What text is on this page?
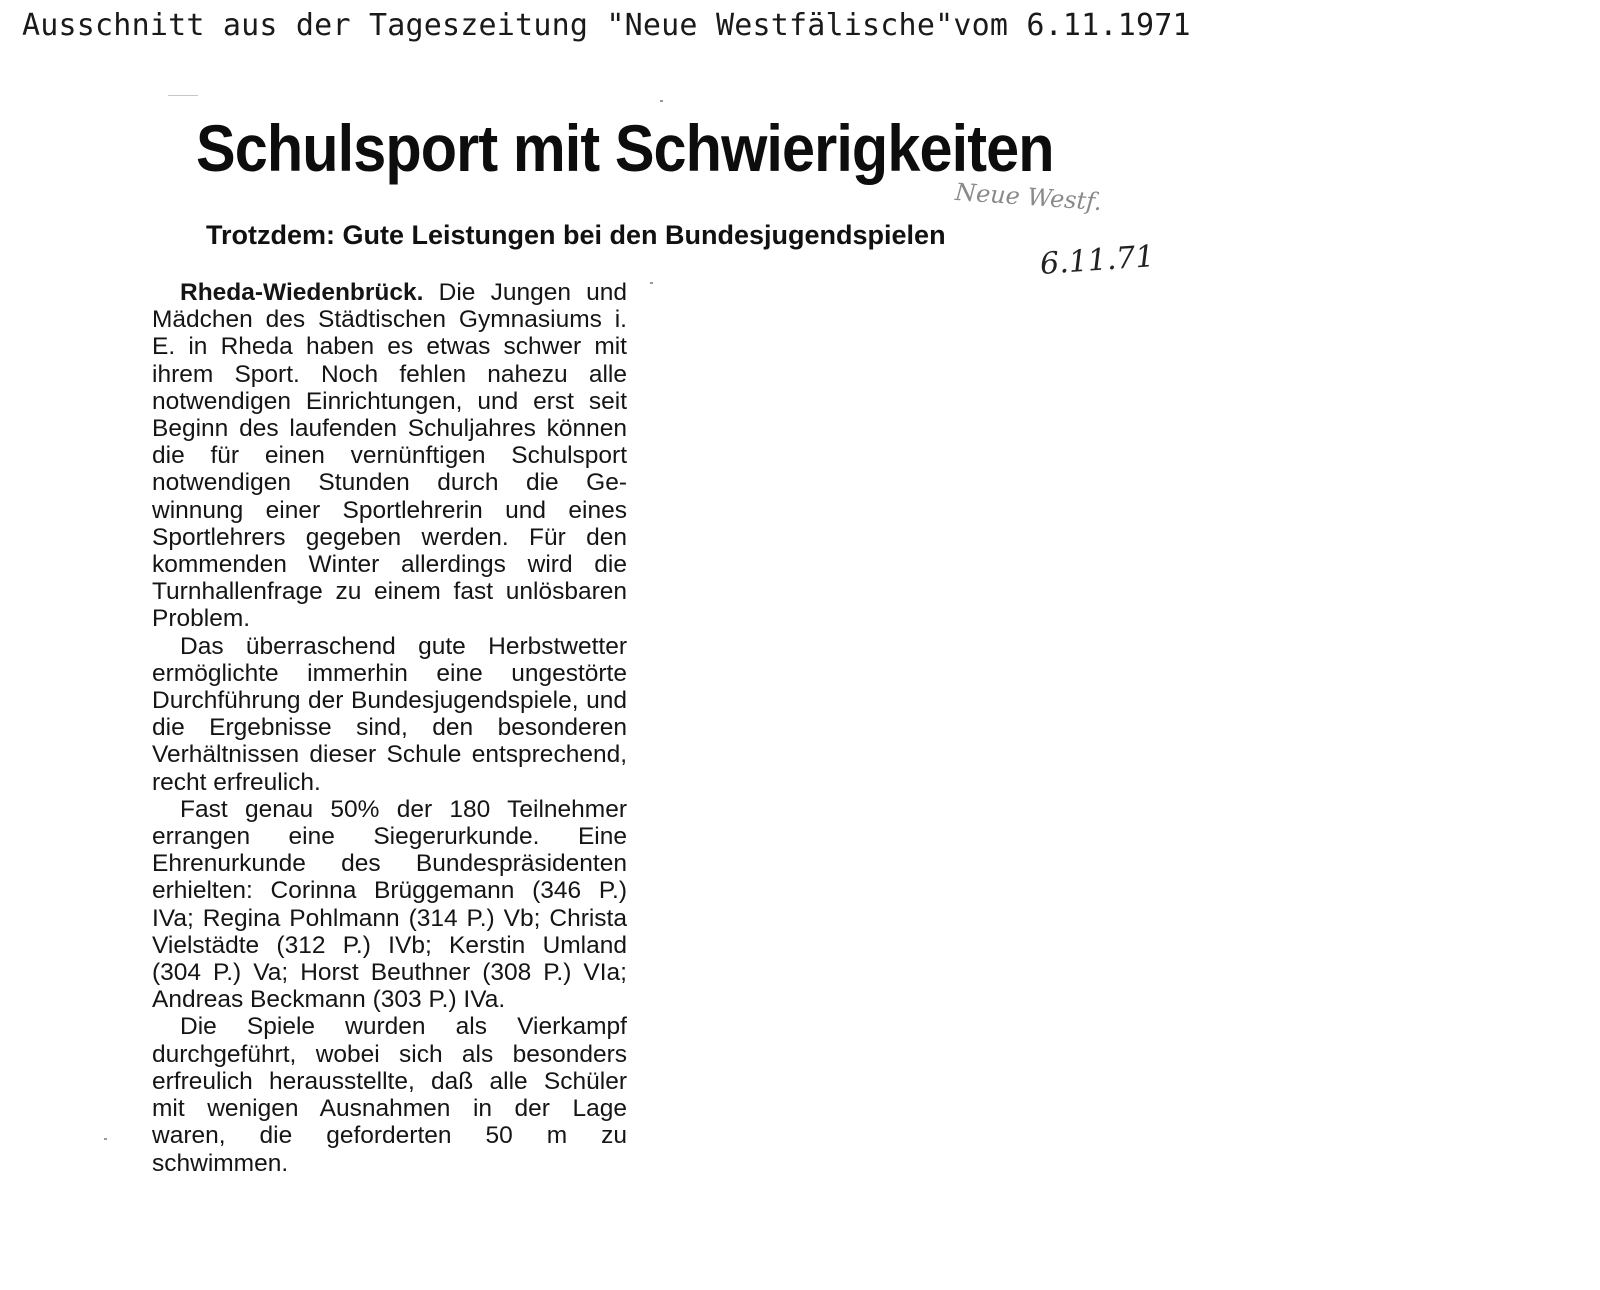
Ausschnitt aus der Tageszeitung "Neue Westfälische"vom 6.11.1971
Schulsport mit Schwierigkeiten
Neue Westf.
Trotzdem: Gute Leistungen bei den Bundesjugendspielen
6.11.71

Rheda-Wiedenbrück. Die Jungen und Mädchen des Städtischen Gymnasiums i. E. in Rheda haben es etwas schwer mit ihrem Sport. Noch fehlen nahezu alle notwendigen Einrichtungen, und erst seit Beginn des laufenden Schuljahres können die für einen vernünftigen Schulsport notwendigen Stunden durch die Gewinnung einer Sportlehrerin und eines Sportlehrers gegeben werden. Für den kommenden Winter allerdings wird die Turnhallenfrage zu einem fast unlösbaren Problem.

Das überraschend gute Herbstwetter ermöglichte immerhin eine ungestörte Durchführung der Bundesjugendspiele, und die Ergebnisse sind, den besonderen Verhältnissen dieser Schule entsprechend, recht erfreulich.

Fast genau 50% der 180 Teilnehmer errangen eine Siegerurkunde. Eine Ehrenurkunde des Bundespräsidenten erhielten: Corinna Brüggemann (346 P.) IVa; Regina Pohlmann (314 P.) Vb; Christa Vielstädte (312 P.) IVb; Kerstin Umland (304 P.) Va; Horst Beuthner (308 P.) VIa; Andreas Beckmann (303 P.) IVa.

Die Spiele wurden als Vierkampf durchgeführt, wobei sich als besonders erfreulich herausstellte, daß alle Schüler mit wenigen Ausnahmen in der Lage waren, die geforderten 50 m zu schwimmen.
